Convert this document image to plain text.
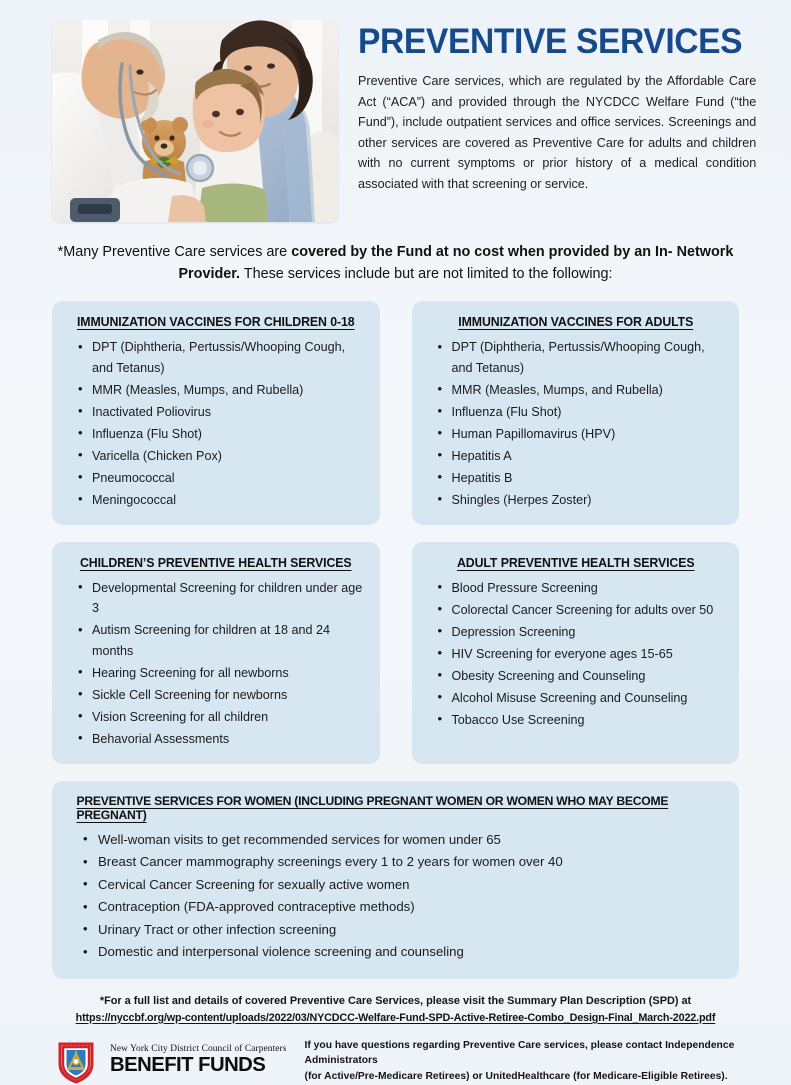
PREVENTIVE SERVICES

Preventive Care services, which are regulated by the Affordable Care Act (“ACA”) and provided through the NYCDCC Welfare Fund (“the Fund”), include outpatient services and office services. Screenings and other services are covered as Preventive Care for adults and children with no current symptoms or prior history of a medical condition associated with that screening or service.

*Many Preventive Care services are covered by the Fund at no cost when provided by an In- Network Provider. These services include but are not limited to the following:
IMMUNIZATION VACCINES FOR CHILDREN 0-18
• DPT (Diphtheria, Pertussis/Whooping Cough, and Tetanus)
• MMR (Measles, Mumps, and Rubella)
• Inactivated Poliovirus
• Influenza (Flu Shot)
• Varicella (Chicken Pox)
• Pneumococcal
• Meningococcal
IMMUNIZATION VACCINES FOR ADULTS
• DPT (Diphtheria, Pertussis/Whooping Cough, and Tetanus)
• MMR (Measles, Mumps, and Rubella)
• Influenza (Flu Shot)
• Human Papillomavirus (HPV)
• Hepatitis A
• Hepatitis B
• Shingles (Herpes Zoster)
CHILDREN’S PREVENTIVE HEALTH SERVICES
• Developmental Screening for children under age 3
• Autism Screening for children at 18 and 24 months
• Hearing Screening for all newborns
• Sickle Cell Screening for newborns
• Vision Screening for all children
• Behavorial Assessments
ADULT PREVENTIVE HEALTH SERVICES
• Blood Pressure Screening
• Colorectal Cancer Screening for adults over 50
• Depression Screening
• HIV Screening for everyone ages 15-65
• Obesity Screening and Counseling
• Alcohol Misuse Screening and Counseling
• Tobacco Use Screening
PREVENTIVE SERVICES FOR WOMEN (INCLUDING PREGNANT WOMEN OR WOMEN WHO MAY BECOME PREGNANT)
• Well-woman visits to get recommended services for women under 65
• Breast Cancer mammography screenings every 1 to 2 years for women over 40
• Cervical Cancer Screening for sexually active women
• Contraception (FDA-approved contraceptive methods)
• Urinary Tract or other infection screening
• Domestic and interpersonal violence screening and counseling
*For a full list and details of covered Preventive Care Services, please visit the Summary Plan Description (SPD) at
https://nyccbf.org/wp-content/uploads/2022/03/NYCDCC-Welfare-Fund-SPD-Active-Retiree-Combo_Design-Final_March-2022.pdf
New York City District Council of Carpenters
BENEFIT FUNDS
If you have questions regarding Preventive Care services, please contact Independence Administrators
(for Active/Pre-Medicare Retirees) or UnitedHealthcare (for Medicare-Eligible Retirees).
